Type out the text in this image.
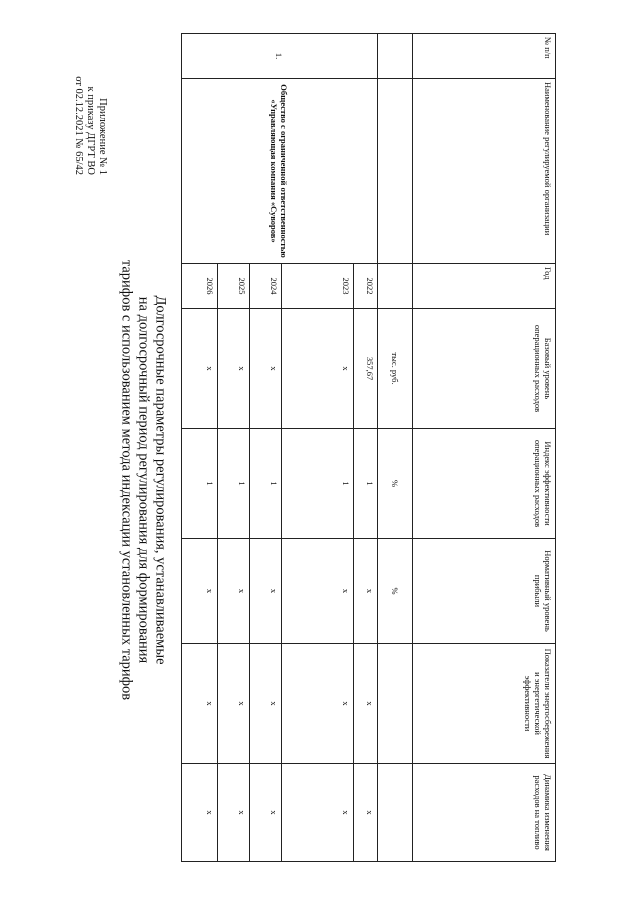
Приложение № 1
к приказу ДГРТ ВО
от 02.12.2021 № 65/42
Долгосрочные параметры регулирования, устанавливаемые
на долгосрочный период регулирования для формирования
тарифов с использованием метода индексации установленных тарифов
№ п/п	Наименование регулируемой организации	Год	Базовый уровень операционных расходов	Индекс эффективности операционных расходов	Нормативный уровень прибыли	Показатели энергосбережения и энергетической эффективности	Динамика изменения расходов на топливо
			тыс. руб.	%	%		
1.	Общество с ограниченной ответственностью «Управляющая компания «Суворов»	2022	357,67	1	х	х	х
		2023	х	1	х	х	х
		2024	х	1	х	х	х
		2025	х	1	х	х	х
		2026	х	1	х	х	х
